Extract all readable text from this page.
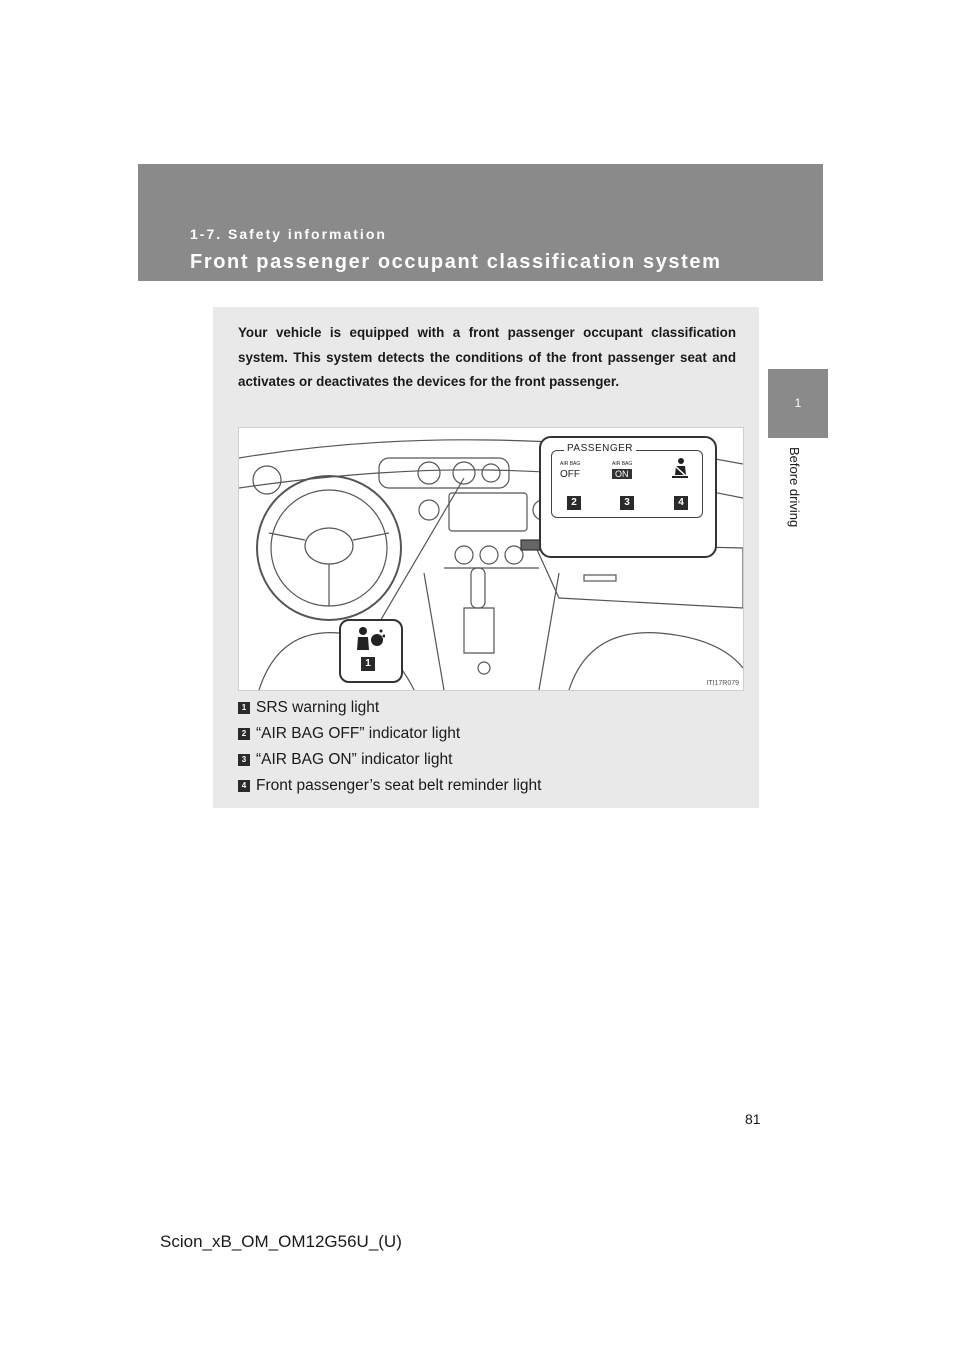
1-7. Safety information
Front passenger occupant classification system
1
Before driving
Your vehicle is equipped with a front passenger occupant classification system. This system detects the conditions of the front passenger seat and activates or deactivates the devices for the front passenger.
PASSENGER
AIR BAG
OFF
AIR BAG
ON
2	3	4
1
ITI17R079
1 SRS warning light
2 “AIR BAG OFF” indicator light
3 “AIR BAG ON” indicator light
4 Front passenger’s seat belt reminder light
81
Scion_xB_OM_OM12G56U_(U)
